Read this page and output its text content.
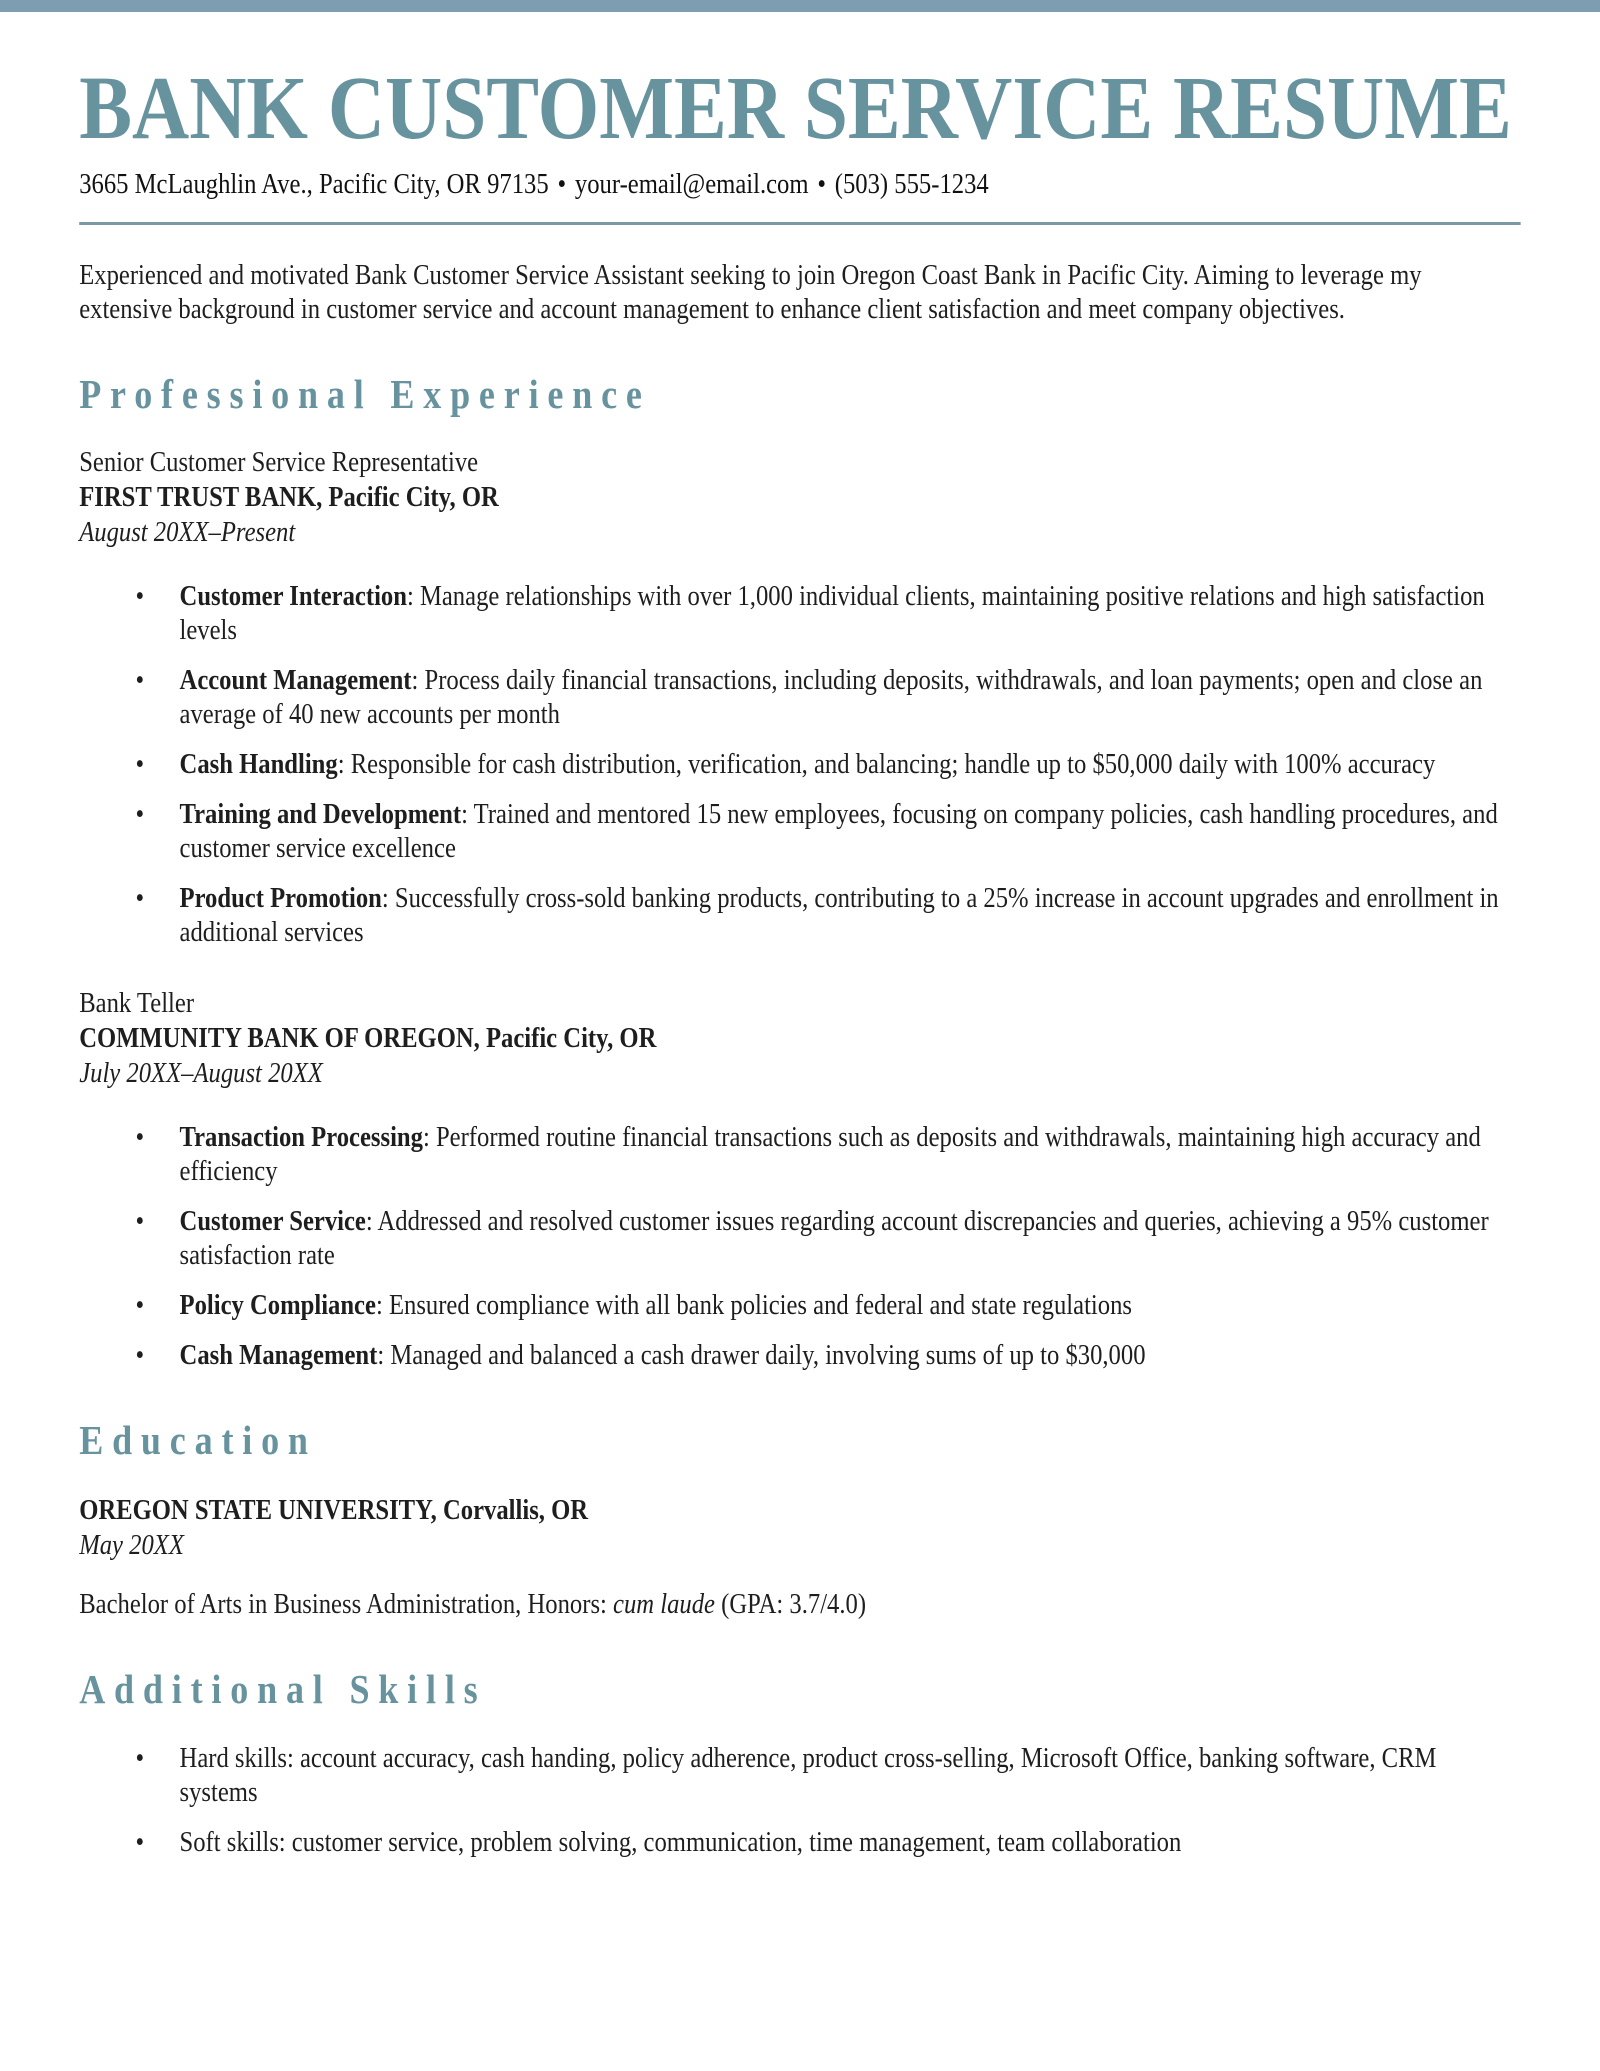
BANK CUSTOMER SERVICE RESUME
3665 McLaughlin Ave., Pacific City, OR 97135 • your-email@email.com • (503) 555-1234

Experienced and motivated Bank Customer Service Assistant seeking to join Oregon Coast Bank in Pacific City. Aiming to leverage my extensive background in customer service and account management to enhance client satisfaction and meet company objectives.

Professional Experience
Senior Customer Service Representative
FIRST TRUST BANK, Pacific City, OR
August 20XX–Present
• Customer Interaction: Manage relationships with over 1,000 individual clients, maintaining positive relations and high satisfaction levels
• Account Management: Process daily financial transactions, including deposits, withdrawals, and loan payments; open and close an average of 40 new accounts per month
• Cash Handling: Responsible for cash distribution, verification, and balancing; handle up to $50,000 daily with 100% accuracy
• Training and Development: Trained and mentored 15 new employees, focusing on company policies, cash handling procedures, and customer service excellence
• Product Promotion: Successfully cross-sold banking products, contributing to a 25% increase in account upgrades and enrollment in additional services
Bank Teller
COMMUNITY BANK OF OREGON, Pacific City, OR
July 20XX–August 20XX
• Transaction Processing: Performed routine financial transactions such as deposits and withdrawals, maintaining high accuracy and efficiency
• Customer Service: Addressed and resolved customer issues regarding account discrepancies and queries, achieving a 95% customer satisfaction rate
• Policy Compliance: Ensured compliance with all bank policies and federal and state regulations
• Cash Management: Managed and balanced a cash drawer daily, involving sums of up to $30,000
Education
OREGON STATE UNIVERSITY, Corvallis, OR
May 20XX
Bachelor of Arts in Business Administration, Honors: cum laude (GPA: 3.7/4.0)
Additional Skills
• Hard skills: account accuracy, cash handing, policy adherence, product cross-selling, Microsoft Office, banking software, CRM systems
• Soft skills: customer service, problem solving, communication, time management, team collaboration
